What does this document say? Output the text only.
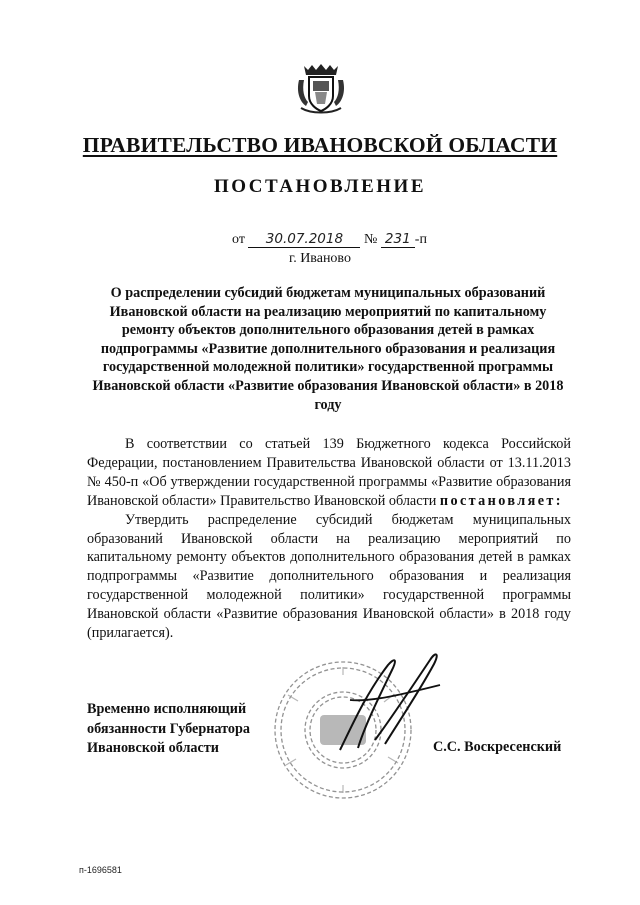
ПРАВИТЕЛЬСТВО ИВАНОВСКОЙ ОБЛАСТИ
ПОСТАНОВЛЕНИЕ
от 30.07.2018 № 231 -п
г. Иваново
О распределении субсидий бюджетам муниципальных образований Ивановской области на реализацию мероприятий по капитальному ремонту объектов дополнительного образования детей в рамках подпрограммы «Развитие дополнительного образования и реализация государственной молодежной политики» государственной программы Ивановской области «Развитие образования Ивановской области» в 2018 году

В соответствии со статьей 139 Бюджетного кодекса Российской Федерации, постановлением Правительства Ивановской области от 13.11.2013 № 450-п «Об утверждении государственной программы «Развитие образования Ивановской области» Правительство Ивановской области постановляет:

Утвердить распределение субсидий бюджетам муниципальных образований Ивановской области на реализацию мероприятий по капитальному ремонту объектов дополнительного образования детей в рамках подпрограммы «Развитие дополнительного образования и реализация государственной молодежной политики» государственной программы Ивановской области «Развитие образования Ивановской области» в 2018 году (прилагается).

Временно исполняющий
обязанности Губернатора
Ивановской области	С.С. Воскресенский
п-1696581
